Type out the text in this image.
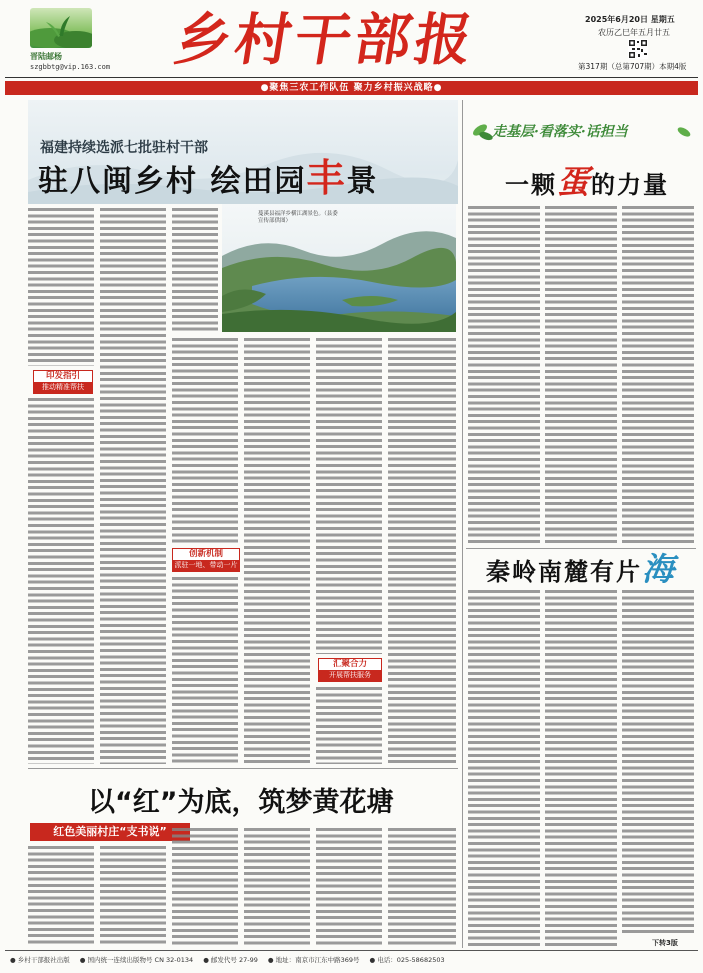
晋陆邮杨
szgbbtg@vip.163.com 乡村干部报	2025年6月20日 星期五
农历乙巳年五月廿五
第317期（总第707期）本期4版
●聚焦三农工作队伍 聚力乡村振兴战略●
福建持续选派七批驻村干部
驻八闽乡村 绘田园丰景
蔓溪县福洋乡横江湖景色。（县委宣传部供图）
印发指引
推动精准帮扶
创新机制
派驻一地、带动一片
汇聚合力
开展帮扶服务
以“红”为底，筑梦黄花塘
红色美丽村庄“支书说”
走基层·看落实·话担当
一颗蛋的力量
秦岭南麓有片海
下转3版
● 乡村干部报社出版 ● 国内统一连续出版物号 CN 32-0134 ● 邮发代号 27-99 ● 地址：南京市江东中路369号 ● 电话：025-58682503
